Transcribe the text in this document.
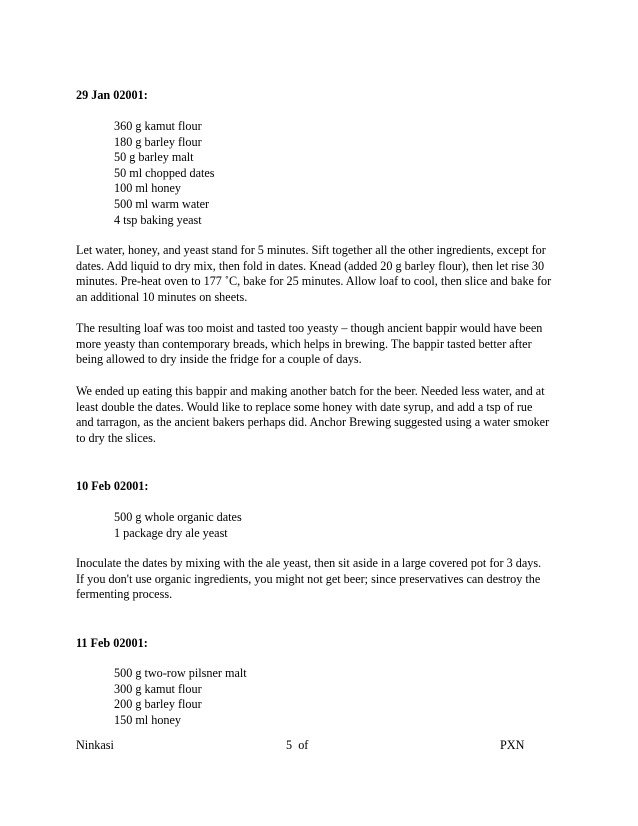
29 Jan 02001:
360 g kamut flour
180 g barley flour
50 g barley malt
50 ml chopped dates
100 ml honey
500 ml warm water
4 tsp baking yeast

Let water, honey, and yeast stand for 5 minutes. Sift together all the other ingredients, except for
dates. Add liquid to dry mix, then fold in dates. Knead (added 20 g barley flour), then let rise 30
minutes. Pre-heat oven to 177 ˚C, bake for 25 minutes. Allow loaf to cool, then slice and bake for
an additional 10 minutes on sheets.

The resulting loaf was too moist and tasted too yeasty – though ancient bappir would have been
more yeasty than contemporary breads, which helps in brewing. The bappir tasted better after
being allowed to dry inside the fridge for a couple of days.

We ended up eating this bappir and making another batch for the beer. Needed less water, and at
least double the dates. Would like to replace some honey with date syrup, and add a tsp of rue
and tarragon, as the ancient bakers perhaps did. Anchor Brewing suggested using a water smoker
to dry the slices.

10 Feb 02001:
500 g whole organic dates
1 package dry ale yeast

Inoculate the dates by mixing with the ale yeast, then sit aside in a large covered pot for 3 days.
If you don't use organic ingredients, you might not get beer; since preservatives can destroy the
fermenting process.

11 Feb 02001:
500 g two-row pilsner malt
300 g kamut flour
200 g barley flour
150 ml honey
Ninkasi	5  of	PXN
